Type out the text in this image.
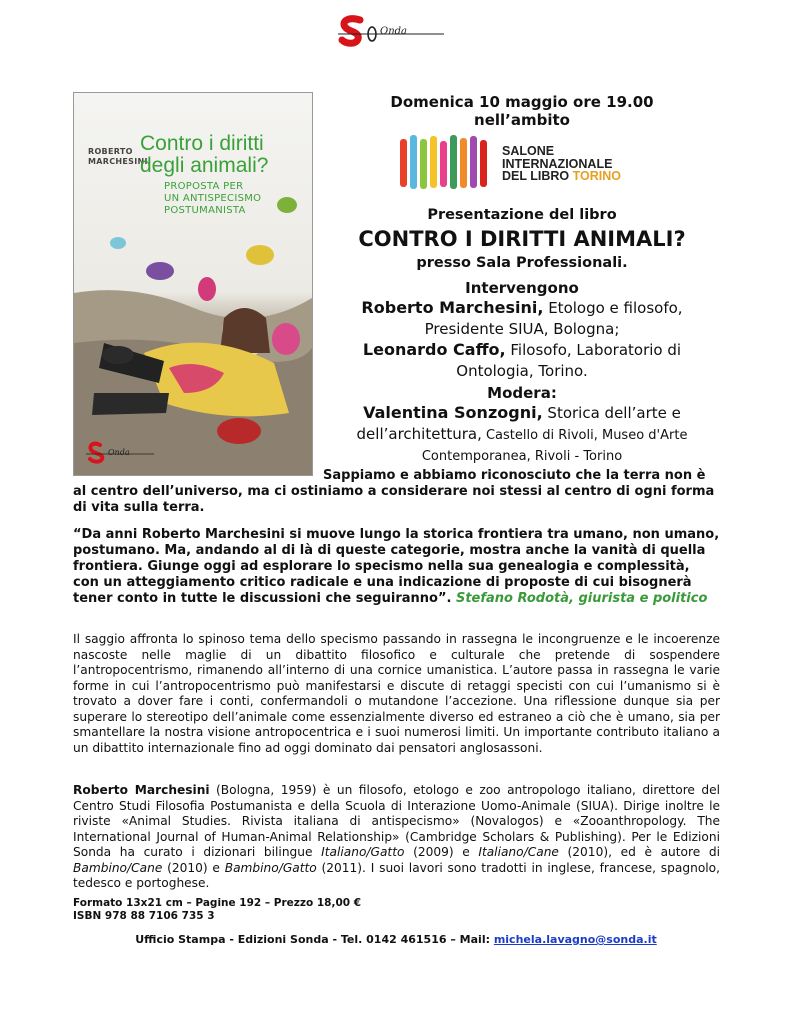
Onda
ROBERTO
MARCHESINI
Contro i diritti
degli animali?
PROPOSTA PER
UN ANTISPECISMO
POSTUMANISTA
Onda
Domenica 10 maggio ore 19.00
nell’ambito
SALONE
INTERNAZIONALE
DEL LIBRO TORINO
Presentazione del libro
CONTRO I DIRITTI ANIMALI?
presso Sala Professionali.
Intervengono
Roberto Marchesini, Etologo e filosofo,
Presidente SIUA, Bologna;
Leonardo Caffo, Filosofo, Laboratorio di
Ontologia, Torino.
Modera:
Valentina Sonzogni, Storica dell’arte e
dell’architettura, Castello di Rivoli, Museo d'Arte
Contemporanea, Rivoli - Torino
Sappiamo e abbiamo riconosciuto che la terra non è al centro dell’universo, ma ci ostiniamo a considerare noi stessi al centro di ogni forma di vita sulla terra.
“Da anni Roberto Marchesini si muove lungo la storica frontiera tra umano, non umano, postumano. Ma, andando al di là di queste categorie, mostra anche la vanità di quella frontiera. Giunge oggi ad esplorare lo specismo nella sua genealogia e complessità, con un atteggiamento critico radicale e una indicazione di proposte di cui bisognerà tener conto in tutte le discussioni che seguiranno”. Stefano Rodotà, giurista e politico
Il saggio affronta lo spinoso tema dello specismo passando in rassegna le incongruenze e le incoerenze nascoste nelle maglie di un dibattito filosofico e culturale che pretende di sospendere l’antropocentrismo, rimanendo all’interno di una cornice umanistica. L’autore passa in rassegna le varie forme in cui l’antropocentrismo può manifestarsi e discute di retaggi specisti con cui l’umanismo si è trovato a dover fare i conti, confermandoli o mutandone l’accezione. Una riflessione dunque sia per superare lo stereotipo dell’animale come essenzialmente diverso ed estraneo a ciò che è umano, sia per smantellare la nostra visione antropocentrica e i suoi numerosi limiti. Un importante contributo italiano a un dibattito internazionale fino ad oggi dominato dai pensatori anglosassoni.
Roberto Marchesini (Bologna, 1959) è un filosofo, etologo e zoo antropologo italiano, direttore del Centro Studi Filosofia Postumanista e della Scuola di Interazione Uomo-Animale (SIUA). Dirige inoltre le riviste «Animal Studies. Rivista italiana di antispecismo» (Novalogos) e «Zooanthropology. The International Journal of Human-Animal Relationship» (Cambridge Scholars & Publishing). Per le Edizioni Sonda ha curato i dizionari bilingue Italiano/Gatto (2009) e Italiano/Cane (2010), ed è autore di Bambino/Cane (2010) e Bambino/Gatto (2011). I suoi lavori sono tradotti in inglese, francese, spagnolo, tedesco e portoghese.
Formato 13x21 cm – Pagine 192 – Prezzo 18,00 €
ISBN 978 88 7106 735 3
Ufficio Stampa - Edizioni Sonda - Tel. 0142 461516 – Mail: michela.lavagno@sonda.it
